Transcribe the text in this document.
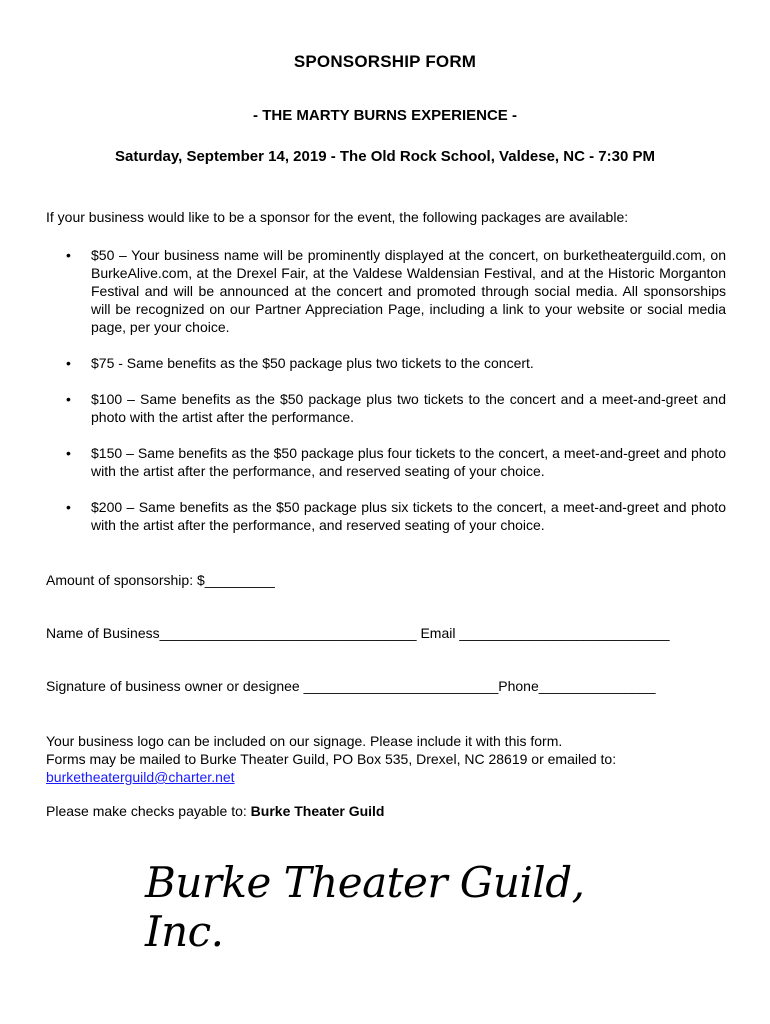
SPONSORSHIP FORM
- THE MARTY BURNS EXPERIENCE -
Saturday, September 14, 2019 - The Old Rock School, Valdese, NC - 7:30 PM
If your business would like to be a sponsor for the event, the following packages are available:
• $50 – Your business name will be prominently displayed at the concert, on burketheaterguild.com, on BurkeAlive.com, at the Drexel Fair, at the Valdese Waldensian Festival, and at the Historic Morganton Festival and will be announced at the concert and promoted through social media. All sponsorships will be recognized on our Partner Appreciation Page, including a link to your website or social media page, per your choice.
• $75 - Same benefits as the $50 package plus two tickets to the concert.
• $100 – Same benefits as the $50 package plus two tickets to the concert and a meet-and-greet and photo with the artist after the performance.
• $150 – Same benefits as the $50 package plus four tickets to the concert, a meet-and-greet and photo with the artist after the performance, and reserved seating of your choice.
• $200 – Same benefits as the $50 package plus six tickets to the concert, a meet-and-greet and photo with the artist after the performance, and reserved seating of your choice.
Amount of sponsorship: $_________
Name of Business_________________________________ Email ___________________________
Signature of business owner or designee _________________________Phone_______________
Your business logo can be included on our signage. Please include it with this form.
Forms may be mailed to Burke Theater Guild, PO Box 535, Drexel, NC 28619 or emailed to:
burketheaterguild@charter.net
Please make checks payable to: Burke Theater Guild
Burke Theater Guild, Inc.
